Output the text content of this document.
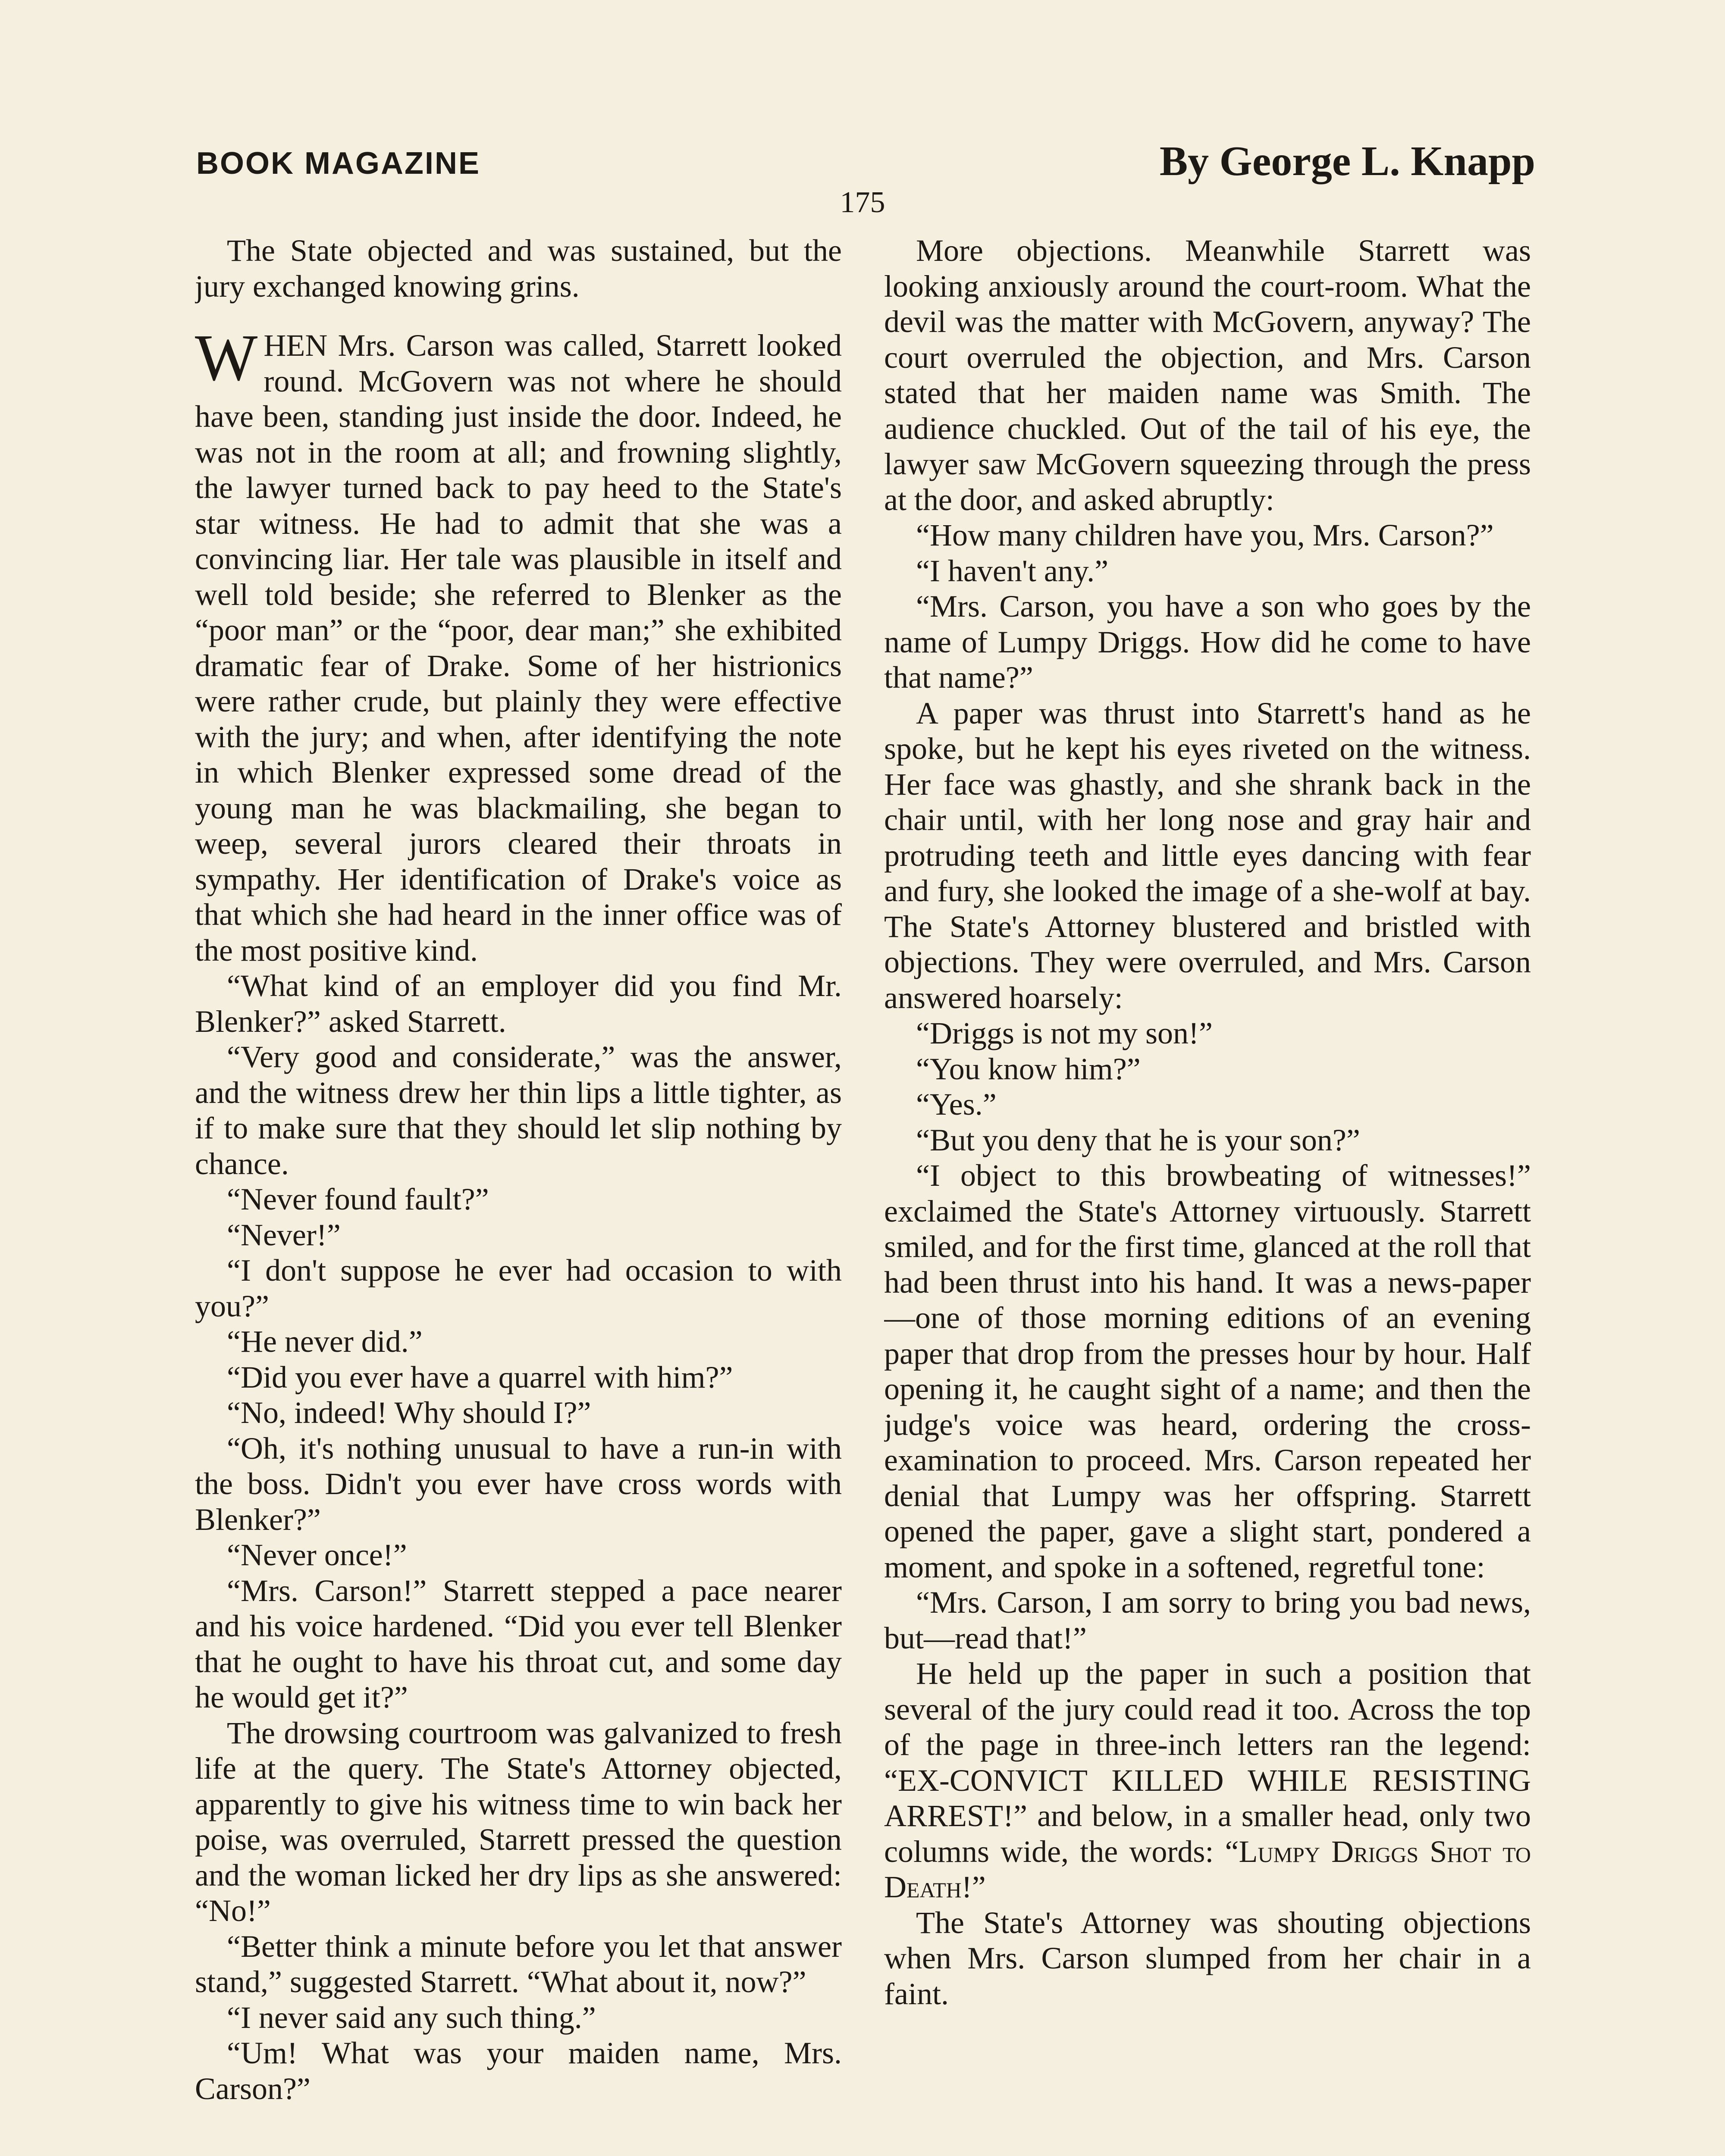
BOOK MAGAZINE	By George L. Knapp
175

The State objected and was sustained, but the jury exchanged knowing grins.

WHEN Mrs. Carson was called, Starrett looked round. McGovern was not where he should have been, standing just inside the door. Indeed, he was not in the room at all; and frowning slightly, the lawyer turned back to pay heed to the State's star witness. He had to admit that she was a convincing liar. Her tale was plausible in itself and well told beside; she referred to Blenker as the “poor man” or the “poor, dear man;” she exhibited dramatic fear of Drake. Some of her histrionics were rather crude, but plainly they were effective with the jury; and when, after identifying the note in which Blenker expressed some dread of the young man he was blackmailing, she began to weep, several jurors cleared their throats in sympathy. Her identification of Drake's voice as that which she had heard in the inner office was of the most positive kind.

“What kind of an employer did you find Mr. Blenker?” asked Starrett.

“Very good and considerate,” was the answer, and the witness drew her thin lips a little tighter, as if to make sure that they should let slip nothing by chance.

“Never found fault?”

“Never!”

“I don't suppose he ever had occasion to with you?”

“He never did.”

“Did you ever have a quarrel with him?”

“No, indeed! Why should I?”

“Oh, it's nothing unusual to have a run-in with the boss. Didn't you ever have cross words with Blenker?”

“Never once!”

“Mrs. Carson!” Starrett stepped a pace nearer and his voice hardened. “Did you ever tell Blenker that he ought to have his throat cut, and some day he would get it?”

The drowsing courtroom was galvanized to fresh life at the query. The State's Attorney objected, apparently to give his witness time to win back her poise, was overruled, Starrett pressed the question and the woman licked her dry lips as she answered: “No!”

“Better think a minute before you let that answer stand,” suggested Starrett. “What about it, now?”

“I never said any such thing.”

“Um! What was your maiden name, Mrs. Carson?”

More objections. Meanwhile Starrett was looking anxiously around the court-room. What the devil was the matter with McGovern, anyway? The court overruled the objection, and Mrs. Carson stated that her maiden name was Smith. The audience chuckled. Out of the tail of his eye, the lawyer saw McGovern squeezing through the press at the door, and asked abruptly:

“How many children have you, Mrs. Carson?”

“I haven't any.”

“Mrs. Carson, you have a son who goes by the name of Lumpy Driggs. How did he come to have that name?”

A paper was thrust into Starrett's hand as he spoke, but he kept his eyes riveted on the witness. Her face was ghastly, and she shrank back in the chair until, with her long nose and gray hair and protruding teeth and little eyes dancing with fear and fury, she looked the image of a she-wolf at bay. The State's Attorney blustered and bristled with objections. They were overruled, and Mrs. Carson answered hoarsely:

“Driggs is not my son!”

“You know him?”

“Yes.”

“But you deny that he is your son?”

“I object to this browbeating of witnesses!” exclaimed the State's Attorney virtuously. Starrett smiled, and for the first time, glanced at the roll that had been thrust into his hand. It was a news-paper—one of those morning editions of an evening paper that drop from the presses hour by hour. Half opening it, he caught sight of a name; and then the judge's voice was heard, ordering the cross-examination to proceed. Mrs. Carson repeated her denial that Lumpy was her offspring. Starrett opened the paper, gave a slight start, pondered a moment, and spoke in a softened, regretful tone:

“Mrs. Carson, I am sorry to bring you bad news, but—read that!”

He held up the paper in such a position that several of the jury could read it too. Across the top of the page in three-inch letters ran the legend: “EX-CONVICT KILLED WHILE RESISTING ARREST!” and below, in a smaller head, only two columns wide, the words: “Lumpy Driggs Shot to Death!”

The State's Attorney was shouting objections when Mrs. Carson slumped from her chair in a faint.
